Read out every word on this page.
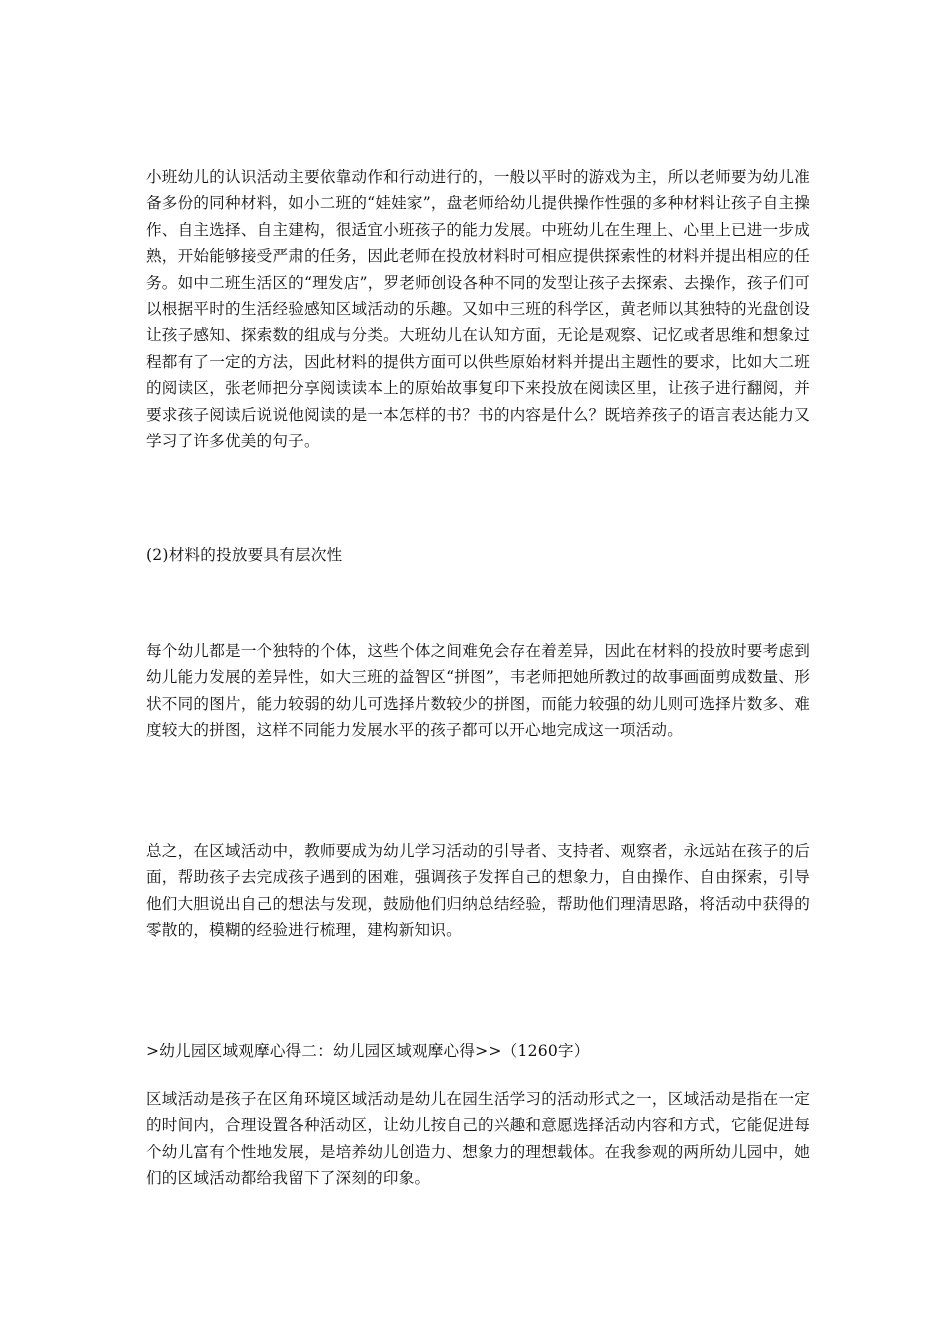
小班幼儿的认识活动主要依靠动作和行动进行的，一般以平时的游戏为主，所以老师要为幼儿准备多份的同种材料，如小二班的“娃娃家”，盘老师给幼儿提供操作性强的多种材料让孩子自主操作、自主选择、自主建构，很适宜小班孩子的能力发展。中班幼儿在生理上、心里上已进一步成熟，开始能够接受严肃的任务，因此老师在投放材料时可相应提供探索性的材料并提出相应的任务。如中二班生活区的“理发店”，罗老师创设各种不同的发型让孩子去探索、去操作，孩子们可以根据平时的生活经验感知区域活动的乐趣。又如中三班的科学区，黄老师以其独特的光盘创设让孩子感知、探索数的组成与分类。大班幼儿在认知方面，无论是观察、记忆或者思维和想象过程都有了一定的方法，因此材料的提供方面可以供些原始材料并提出主题性的要求，比如大二班的阅读区，张老师把分享阅读读本上的原始故事复印下来投放在阅读区里，让孩子进行翻阅，并要求孩子阅读后说说他阅读的是一本怎样的书？书的内容是什么？既培养孩子的语言表达能力又学习了许多优美的句子。

(2)材料的投放要具有层次性

每个幼儿都是一个独特的个体，这些个体之间难免会存在着差异，因此在材料的投放时要考虑到幼儿能力发展的差异性，如大三班的益智区“拼图”，韦老师把她所教过的故事画面剪成数量、形状不同的图片，能力较弱的幼儿可选择片数较少的拼图，而能力较强的幼儿则可选择片数多、难度较大的拼图，这样不同能力发展水平的孩子都可以开心地完成这一项活动。

总之，在区域活动中，教师要成为幼儿学习活动的引导者、支持者、观察者，永远站在孩子的后面，帮助孩子去完成孩子遇到的困难，强调孩子发挥自己的想象力，自由操作、自由探索，引导他们大胆说出自己的想法与发现，鼓励他们归纳总结经验，帮助他们理清思路，将活动中获得的零散的，模糊的经验进行梳理，建构新知识。

>幼儿园区域观摩心得二：幼儿园区域观摩心得>>（1260字）

区域活动是孩子在区角环境区域活动是幼儿在园生活学习的活动形式之一，区域活动是指在一定的时间内，合理设置各种活动区，让幼儿按自己的兴趣和意愿选择活动内容和方式，它能促进每个幼儿富有个性地发展，是培养幼儿创造力、想象力的理想载体。在我参观的两所幼儿园中，她们的区域活动都给我留下了深刻的印象。
